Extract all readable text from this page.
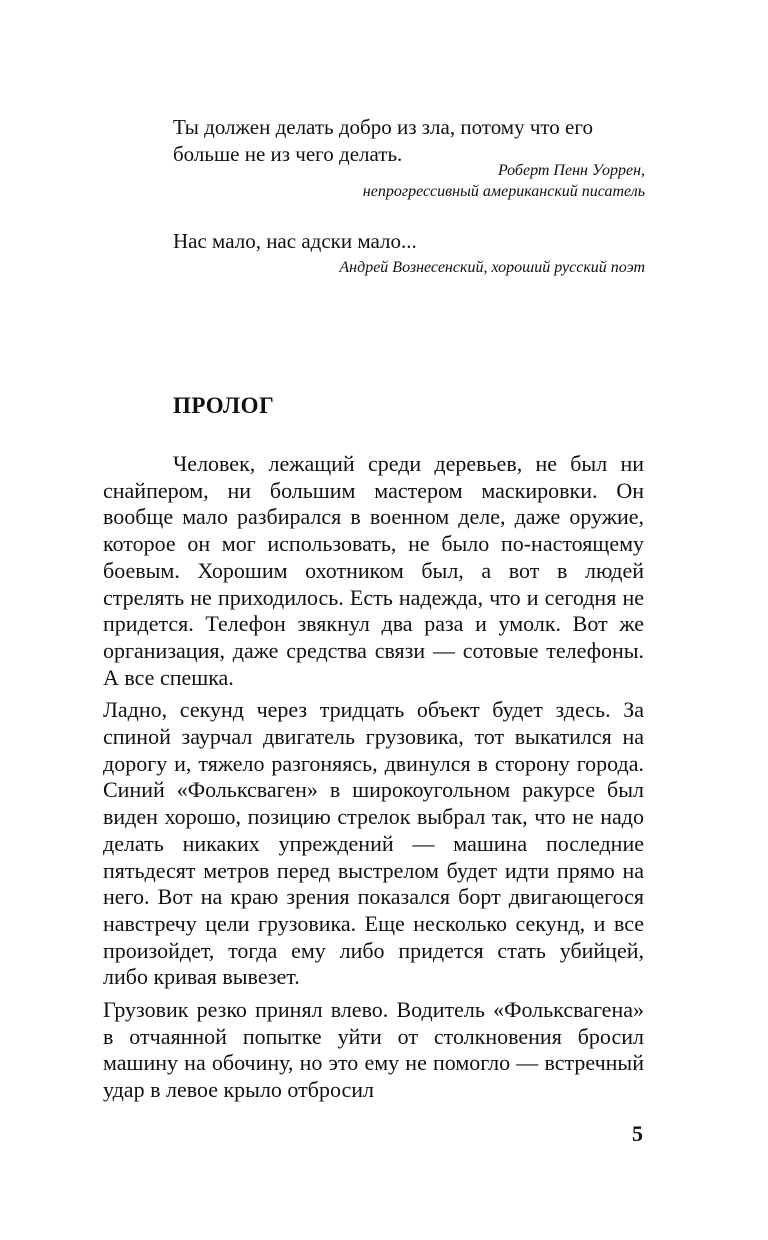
Ты должен делать добро из зла, потому что его больше не из чего делать.

Роберт Пенн Уоррен,
непрогрессивный американский писатель

Нас мало, нас адски мало...

Андрей Вознесенский, хороший русский поэт

ПРОЛОГ

Человек, лежащий среди деревьев, не был ни снайпером, ни большим мастером маскировки. Он вообще мало разбирался в военном деле, даже оружие, которое он мог использовать, не было по-настоящему боевым. Хорошим охотником был, а вот в людей стрелять не приходилось. Есть надежда, что и сегодня не придется. Телефон звякнул два раза и умолк. Вот же организация, даже средства связи — сотовые телефоны. А все спешка.

Ладно, секунд через тридцать объект будет здесь. За спиной заурчал двигатель грузовика, тот выкатился на дорогу и, тяжело разгоняясь, двинулся в сторону города. Синий «Фольксваген» в широкоугольном ракурсе был виден хорошо, позицию стрелок выбрал так, что не надо делать никаких упреждений — машина последние пятьдесят метров перед выстрелом будет идти прямо на него. Вот на краю зрения показался борт двигающегося навстречу цели грузовика. Еще несколько секунд, и все произойдет, тогда ему либо придется стать убийцей, либо кривая вывезет.

Грузовик резко принял влево. Водитель «Фольксвагена» в отчаянной попытке уйти от столкновения бросил машину на обочину, но это ему не помогло — встречный удар в левое крыло отбросил

5
